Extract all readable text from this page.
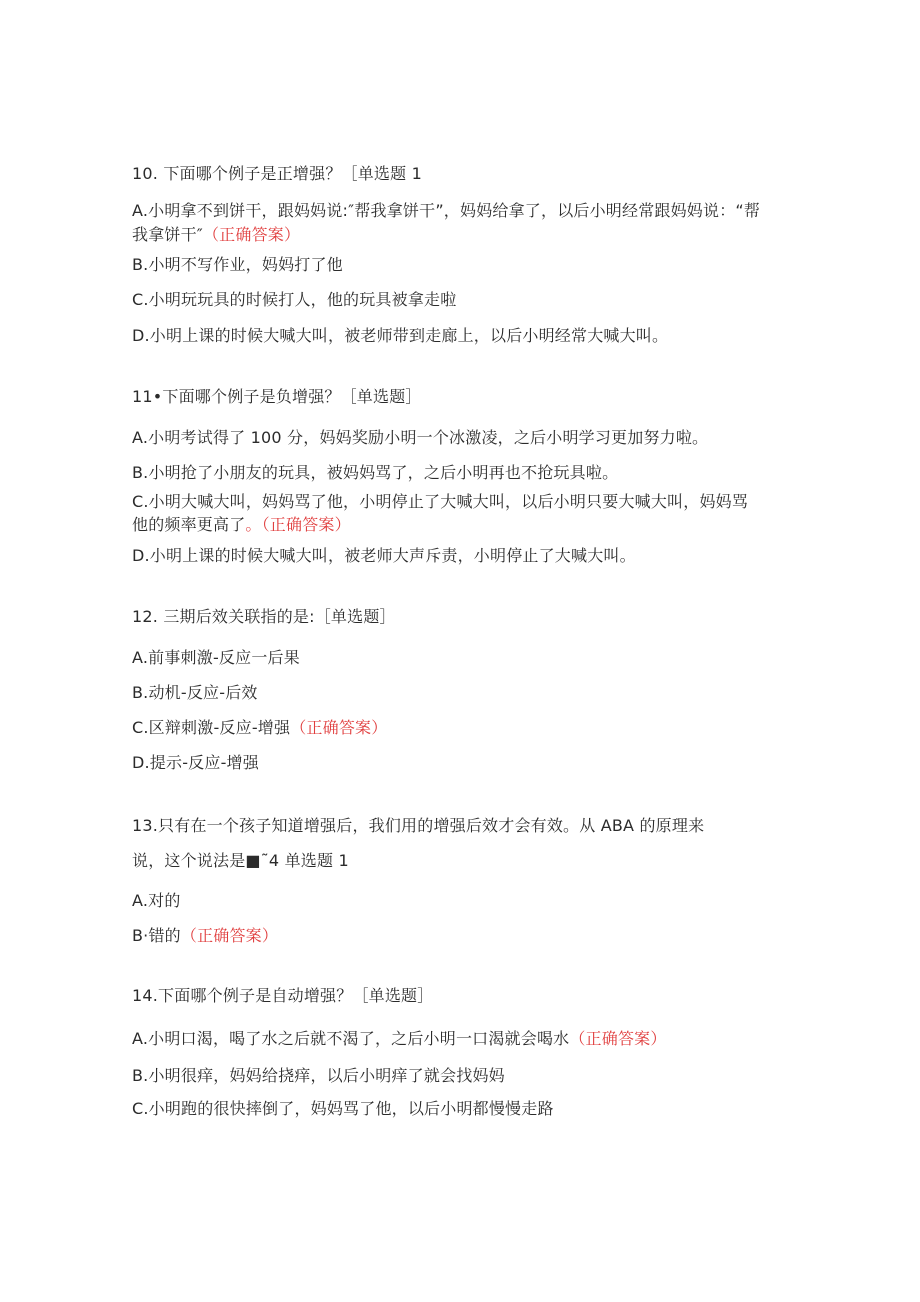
10. 下面哪个例子是正增强？［单选题 1
A.小明拿不到饼干，跟妈妈说:″帮我拿饼干”，妈妈给拿了，以后小明经常跟妈妈说：“帮
我拿饼干″（正确答案）
B.小明不写作业，妈妈打了他
C.小明玩玩具的时候打人，他的玩具被拿走啦
D.小明上课的时候大喊大叫，被老师带到走廊上，以后小明经常大喊大叫。
11•下面哪个例子是负增强？［单选题］
A.小明考试得了 100 分，妈妈奖励小明一个冰激凌，之后小明学习更加努力啦。
B.小明抢了小朋友的玩具，被妈妈骂了，之后小明再也不抢玩具啦。
C.小明大喊大叫，妈妈骂了他，小明停止了大喊大叫，以后小明只要大喊大叫，妈妈骂
他的频率更高了。（正确答案）
D.小明上课的时候大喊大叫，被老师大声斥责，小明停止了大喊大叫。
12. 三期后效关联指的是:［单选题］
A.前事刺激-反应一后果
B.动机-反应-后效
C.区辩刺激-反应-增强（正确答案）
D.提示-反应-增强
13.只有在一个孩子知道增强后，我们用的增强后效才会有效。从 ABA 的原理来
说，这个说法是■˜4 单选题 1
A.对的
B·错的（正确答案）
14.下面哪个例子是自动增强？［单选题］
A.小明口渴，喝了水之后就不渴了，之后小明一口渴就会喝水（正确答案）
B.小明很痒，妈妈给挠痒，以后小明痒了就会找妈妈
C.小明跑的很快摔倒了，妈妈骂了他，以后小明都慢慢走路
